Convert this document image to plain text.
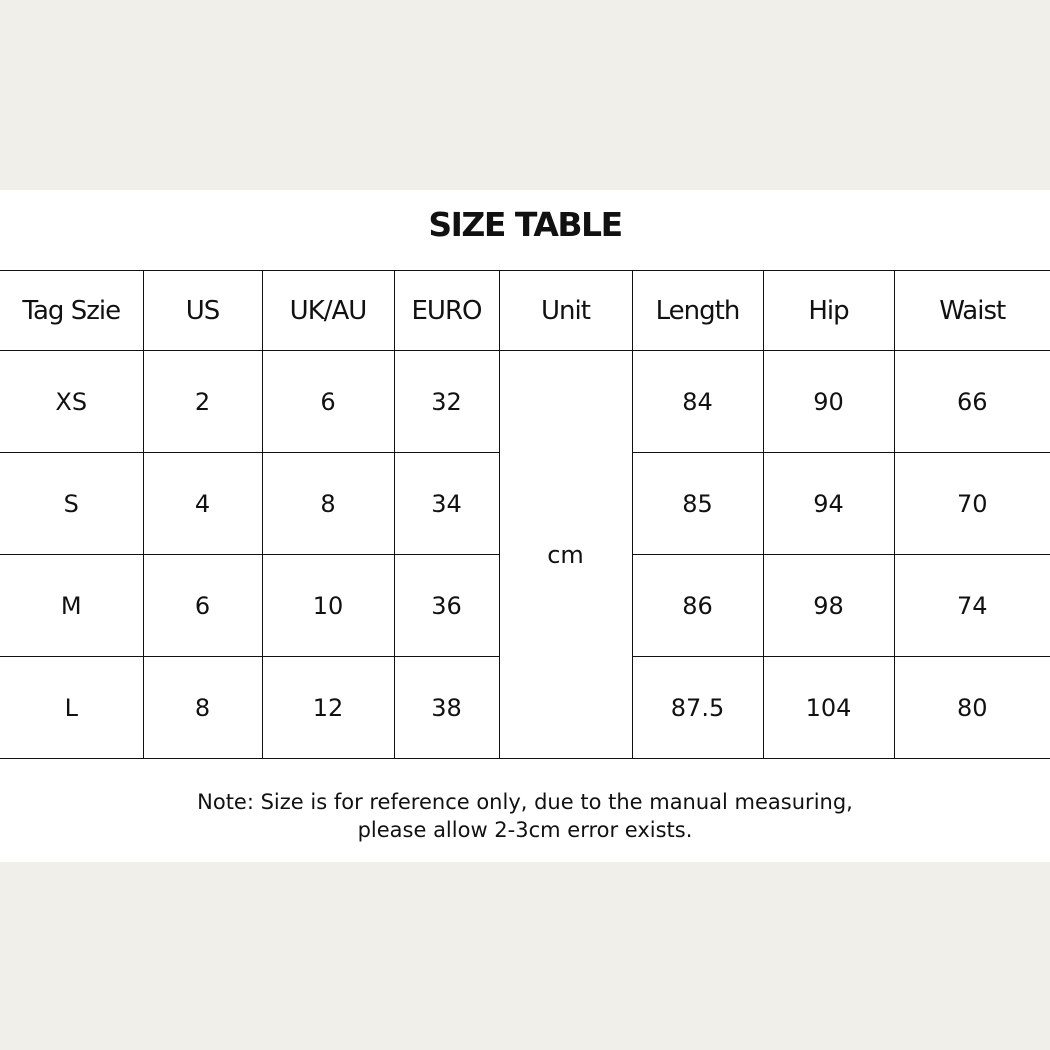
SIZE TABLE
Tag Szie	US	UK/AU	EURO	Unit	Length	Hip	Waist
XS	2	6	32	cm	84	90	66
S	4	8	34		85	94	70
M	6	10	36		86	98	74
L	8	12	38		87.5	104	80
Note: Size is for reference only, due to the manual measuring,
please allow 2-3cm error exists.
